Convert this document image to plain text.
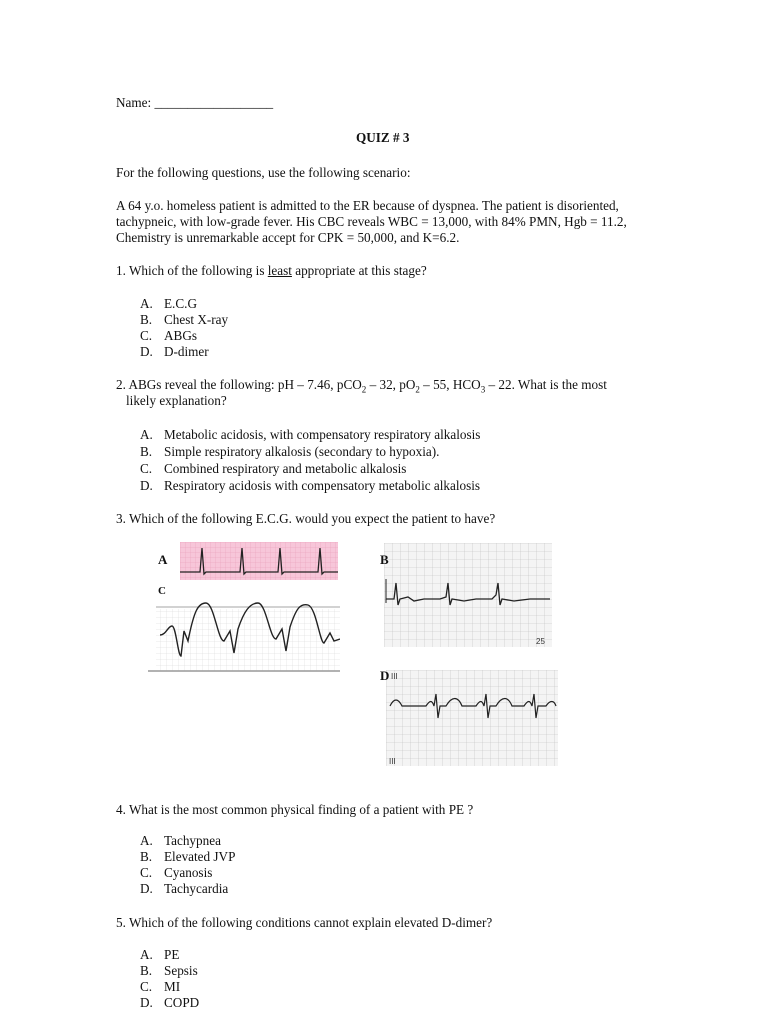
Name: __________________
QUIZ # 3
For the following questions, use the following scenario:
A 64 y.o. homeless patient is admitted to the ER because of dyspnea. The patient is disoriented,
tachypneic, with low-grade fever. His CBC reveals WBC = 13,000, with 84% PMN, Hgb = 11.2,
Chemistry is unremarkable accept for CPK = 50,000, and K=6.2.
1. Which of the following is least appropriate at this stage?
A. E.C.G
B. Chest X-ray
C. ABGs
D. D-dimer
2. ABGs reveal the following: pH – 7.46, pCO$_2$ – 32, $pO_2 - 55$, $HCO_3 - 22$. What is the most
likely explanation?
A. Metabolic acidosis, with compensatory respiratory alkalosis
B. Simple respiratory alkalosis (secondary to hypoxia).
C. Combined respiratory and metabolic alkalosis
D. Respiratory acidosis with compensatory metabolic alkalosis
3. Which of the following E.C.G. would you expect the patient to have?
A
C
B
25
D III
III
4. What is the most common physical finding of a patient with PE ?
A. Tachypnea
B. Elevated JVP
C. Cyanosis
D. Tachycardia
5. Which of the following conditions cannot explain elevated D-dimer?
A. PE
B. Sepsis
C. MI
D. COPD
